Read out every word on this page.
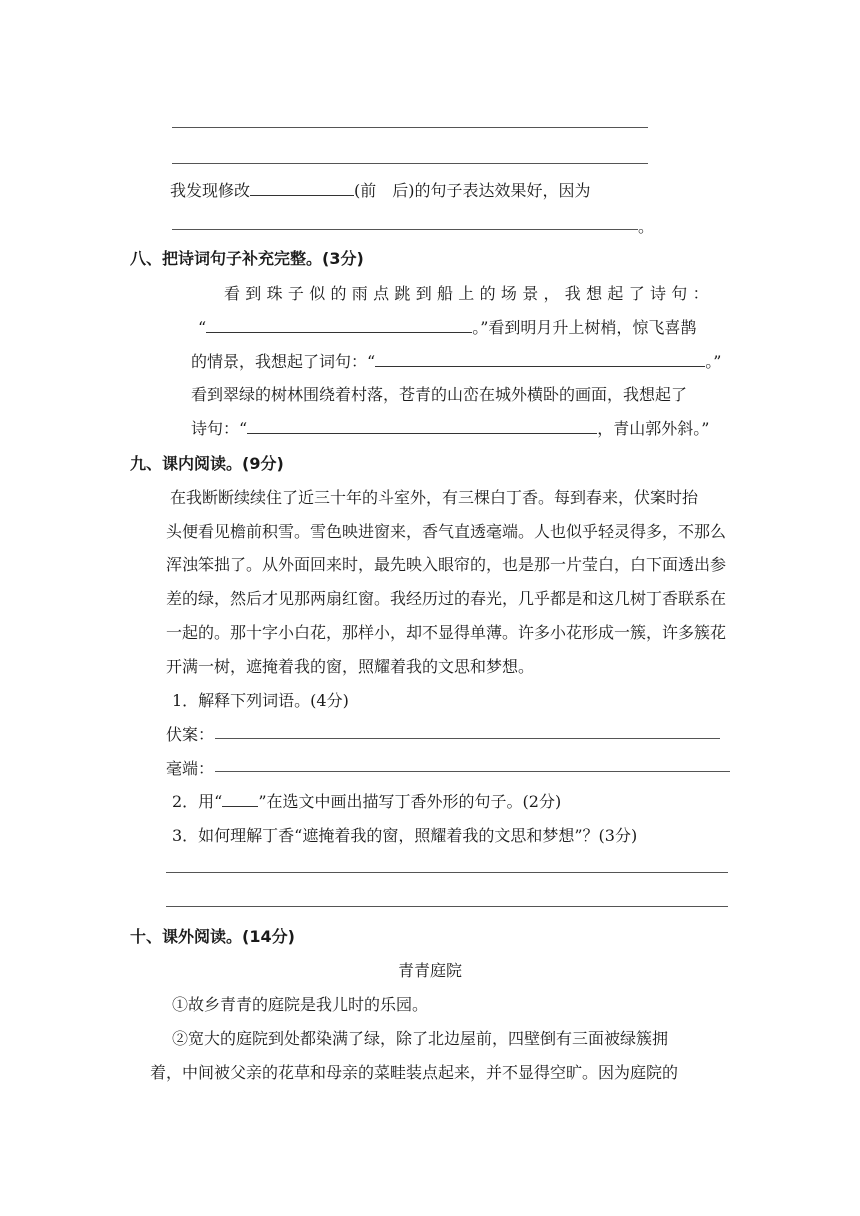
我发现修改	(前　后)的句子表达效果好，因为
。
八、把诗词句子补充完整。(3分)
看到珠子似的雨点跳到船上的场景，我想起了诗句：
“	。”看到明月升上树梢，惊飞喜鹊
的情景，我想起了词句：“	。”
看到翠绿的树林围绕着村落，苍青的山峦在城外横卧的画面，我想起了
诗句：“	，青山郭外斜。”
九、课内阅读。(9分)
在我断断续续住了近三十年的斗室外，有三棵白丁香。每到春来，伏案时抬
头便看见檐前积雪。雪色映进窗来，香气直透毫端。人也似乎轻灵得多，不那么
浑浊笨拙了。从外面回来时，最先映入眼帘的，也是那一片莹白，白下面透出参
差的绿，然后才见那两扇红窗。我经历过的春光，几乎都是和这几树丁香联系在
一起的。那十字小白花，那样小，却不显得单薄。许多小花形成一簇，许多簇花
开满一树，遮掩着我的窗，照耀着我的文思和梦想。
1．解释下列词语。(4分)
伏案：
毫端：
2．用“ ”在选文中画出描写丁香外形的句子。(2分)
3．如何理解丁香“遮掩着我的窗，照耀着我的文思和梦想”？(3分)
十、课外阅读。(14分)
青青庭院
①故乡青青的庭院是我儿时的乐园。
②宽大的庭院到处都染满了绿，除了北边屋前，四壁倒有三面被绿簇拥
着，中间被父亲的花草和母亲的菜畦装点起来，并不显得空旷。因为庭院的
